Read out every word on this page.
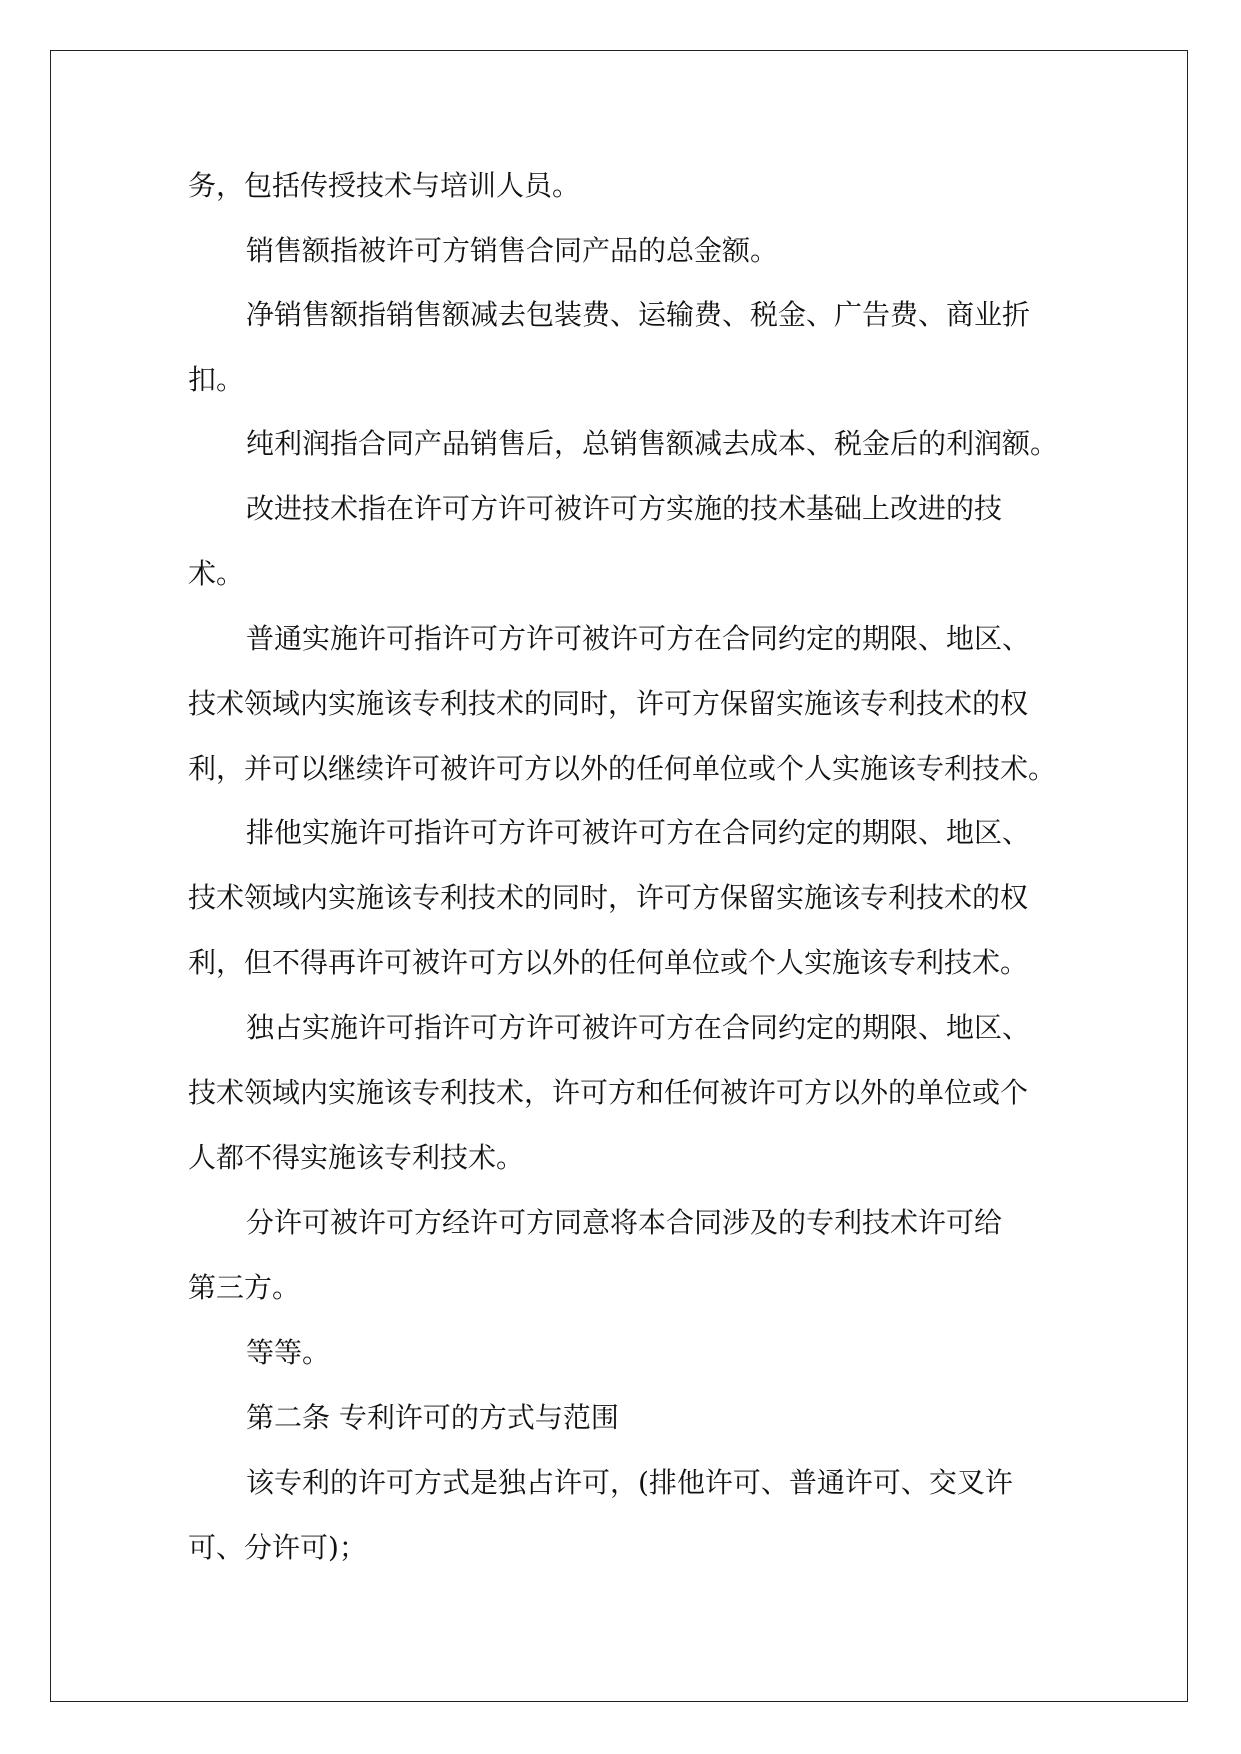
务，包括传授技术与培训人员。
销售额指被许可方销售合同产品的总金额。
净销售额指销售额减去包装费、运输费、税金、广告费、商业折
扣。
纯利润指合同产品销售后，总销售额减去成本、税金后的利润额。
改进技术指在许可方许可被许可方实施的技术基础上改进的技
术。
普通实施许可指许可方许可被许可方在合同约定的期限、地区、
技术领域内实施该专利技术的同时，许可方保留实施该专利技术的权
利，并可以继续许可被许可方以外的任何单位或个人实施该专利技术。
排他实施许可指许可方许可被许可方在合同约定的期限、地区、
技术领域内实施该专利技术的同时，许可方保留实施该专利技术的权
利，但不得再许可被许可方以外的任何单位或个人实施该专利技术。
独占实施许可指许可方许可被许可方在合同约定的期限、地区、
技术领域内实施该专利技术，许可方和任何被许可方以外的单位或个
人都不得实施该专利技术。
分许可被许可方经许可方同意将本合同涉及的专利技术许可给
第三方。
等等。
第二条 专利许可的方式与范围
该专利的许可方式是独占许可，(排他许可、普通许可、交叉许
可、分许可)；
